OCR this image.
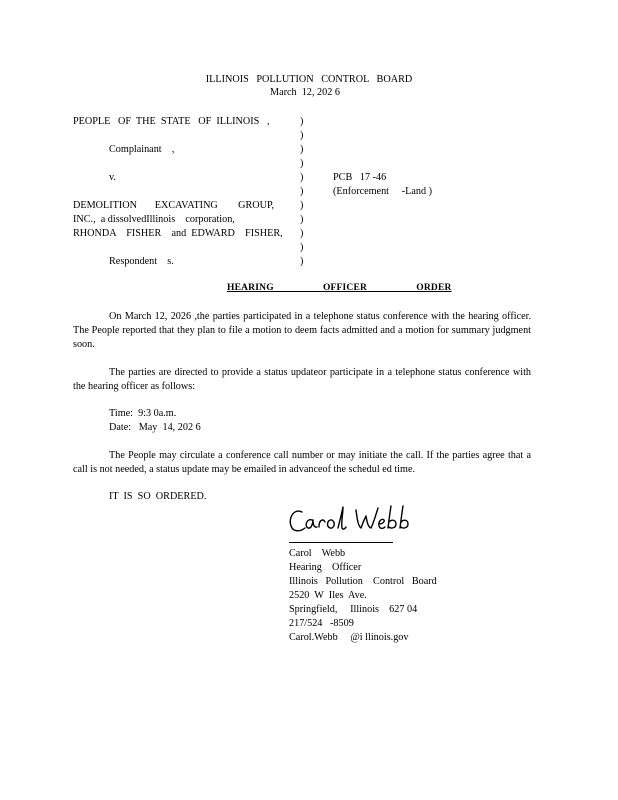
ILLINOIS   POLLUTION   CONTROL   BOARD
March  12, 202 6
PEOPLE   OF  THE  STATE   OF  ILLINOIS   ,
Complainant    ,
v.
DEMOLITION       EXCAVATING        GROUP,
INC.,  a dissolvedIllinois    corporation,
RHONDA    FISHER    and  EDWARD    FISHER,
Respondent    s.
)
)
)
)
)
)
)
)
)
)
)
PCB   17 -46
(Enforcement     -Land )
HEARING  OFFICER  ORDER
On March 12, 2026 ,the parties participated in a telephone status conference with the hearing officer. The People reported that they plan to file a motion to deem facts admitted and a motion for summary judgment soon.
The parties are directed to provide a status updateor participate in a telephone status conference with the hearing officer as follows:
Time:  9:3 0a.m.
Date:   May  14, 202 6
The People may circulate a conference call number or may initiate the call. If the parties agree that a call is not needed, a status update may be emailed in advanceof the schedul ed time.
IT  IS  SO  ORDERED.
Carol    Webb
Hearing    Officer
Illinois   Pollution    Control   Board
2520  W  Iles  Ave.
Springfield,     Illinois    627 04
217/524   -8509
Carol.Webb     @i llinois.gov
